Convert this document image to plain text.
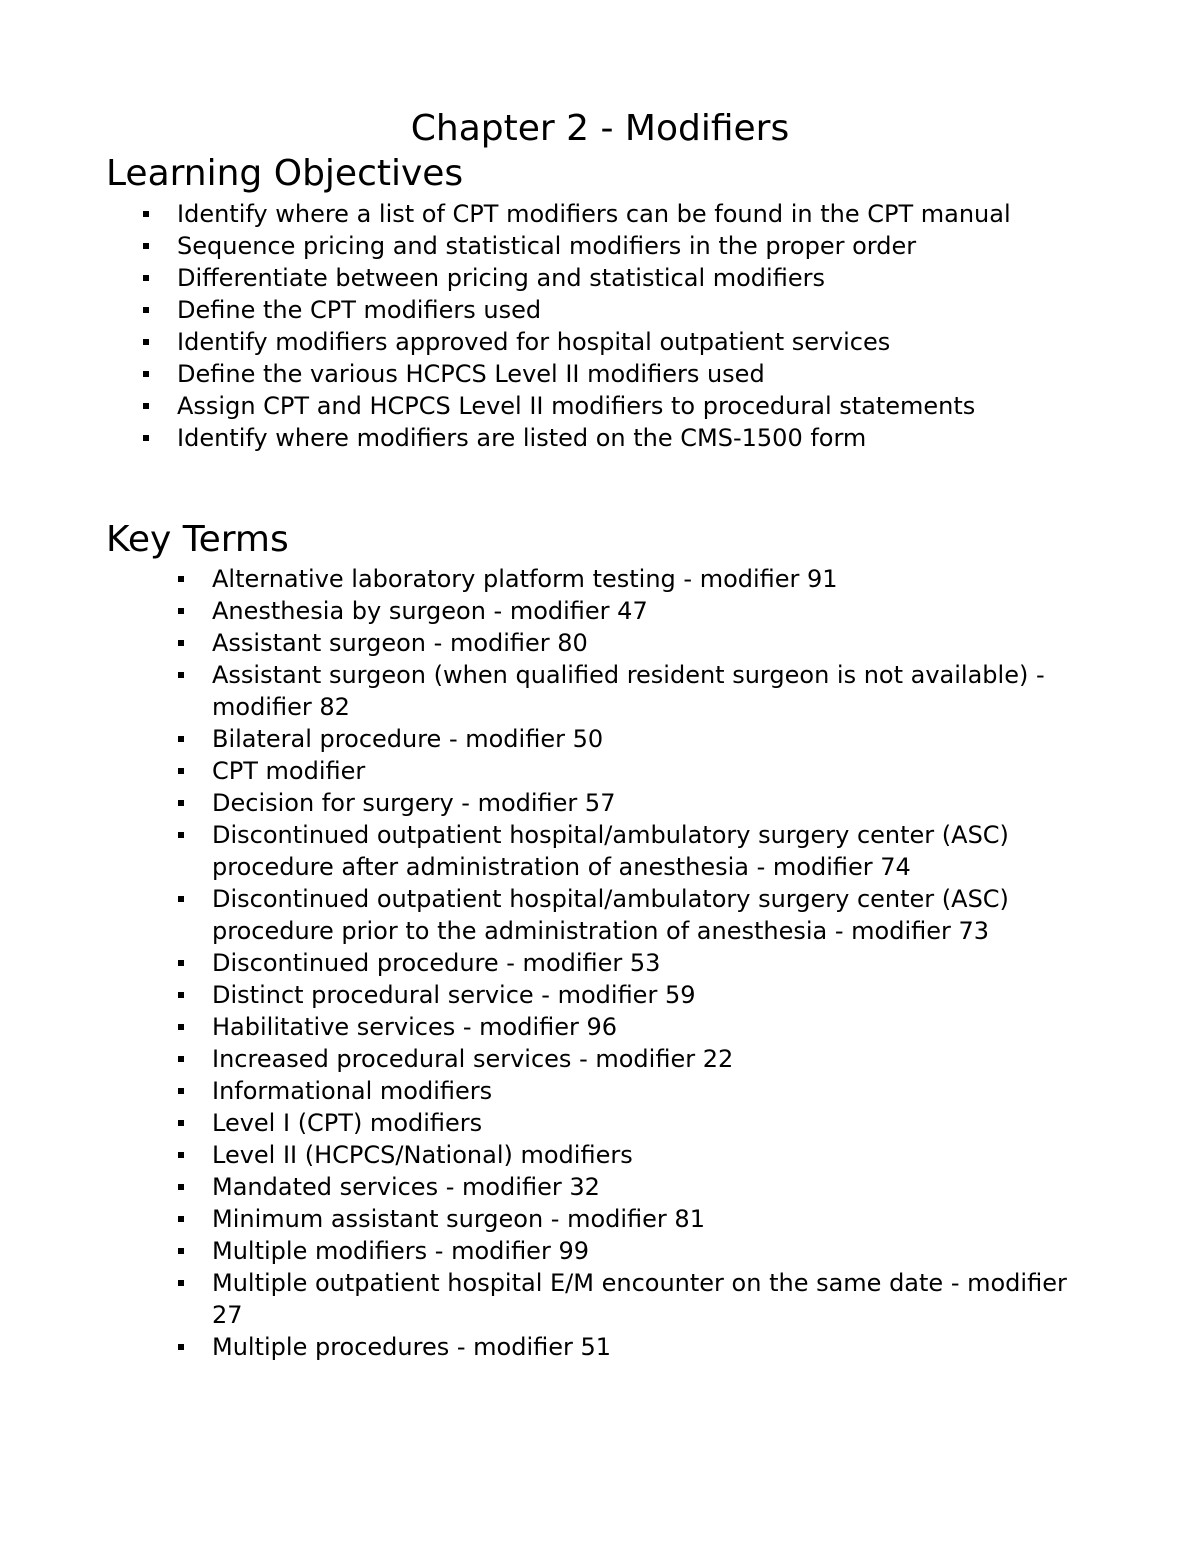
Chapter 2 - Modifiers
Learning Objectives
Identify where a list of CPT modifiers can be found in the CPT manual
Sequence pricing and statistical modifiers in the proper order
Differentiate between pricing and statistical modifiers
Define the CPT modifiers used
Identify modifiers approved for hospital outpatient services
Define the various HCPCS Level II modifiers used
Assign CPT and HCPCS Level II modifiers to procedural statements
Identify where modifiers are listed on the CMS-1500 form
Key Terms
Alternative laboratory platform testing - modifier 91
Anesthesia by surgeon - modifier 47
Assistant surgeon - modifier 80
Assistant surgeon (when qualified resident surgeon is not available) - modifier 82
Bilateral procedure - modifier 50
CPT modifier
Decision for surgery - modifier 57
Discontinued outpatient hospital/ambulatory surgery center (ASC) procedure after administration of anesthesia - modifier 74
Discontinued outpatient hospital/ambulatory surgery center (ASC) procedure prior to the administration of anesthesia - modifier 73
Discontinued procedure - modifier 53
Distinct procedural service - modifier 59
Habilitative services - modifier 96
Increased procedural services - modifier 22
Informational modifiers
Level I (CPT) modifiers
Level II (HCPCS/National) modifiers
Mandated services - modifier 32
Minimum assistant surgeon - modifier 81
Multiple modifiers - modifier 99
Multiple outpatient hospital E/M encounter on the same date - modifier 27
Multiple procedures - modifier 51
